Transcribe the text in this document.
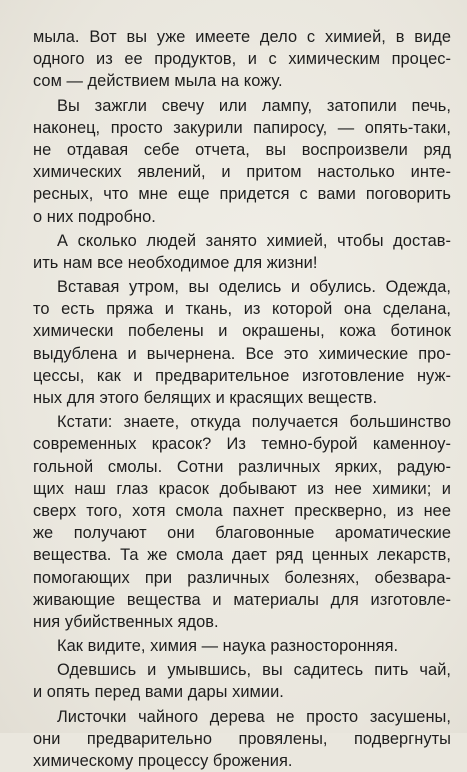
мыла. Вот вы уже имеете дело с химией, в виде
одного из ее продуктов, и с химическим процес-
сом — действием мыла на кожу.
Вы зажгли свечу или лампу, затопили печь,
наконец, просто закурили папиросу, — опять-таки,
не отдавая себе отчета, вы воспроизвели ряд
химических явлений, и притом настолько инте-
ресных, что мне еще придется с вами поговорить
о них подробно.
А сколько людей занято химией, чтобы достав-
ить нам все необходимое для жизни!
Вставая утром, вы оделись и обулись. Одежда,
то есть пряжа и ткань, из которой она сделана,
химически побелены и окрашены, кожа ботинок
выдублена и вычернена. Все это химические про-
цессы, как и предварительное изготовление нуж-
ных для этого белящих и красящих веществ.
Кстати: знаете, откуда получается большинство
современных красок? Из темно-бурой каменноу-
гольной смолы. Сотни различных ярких, радую-
щих наш глаз красок добывают из нее химики; и
сверх того, хотя смола пахнет прескверно, из нее
же получают они благовонные ароматические
вещества. Та же смола дает ряд ценных лекарств,
помогающих при различных болезнях, обезвара-
живающие вещества и материалы для изготовле-
ния убийственных ядов.
Как видите, химия — наука разносторонняя.
Одевшись и умывшись, вы садитесь пить чай,
и опять перед вами дары химии.
Листочки чайного дерева не просто засушены,
они предварительно провялены, подвергнуты
химическому процессу брожения.
